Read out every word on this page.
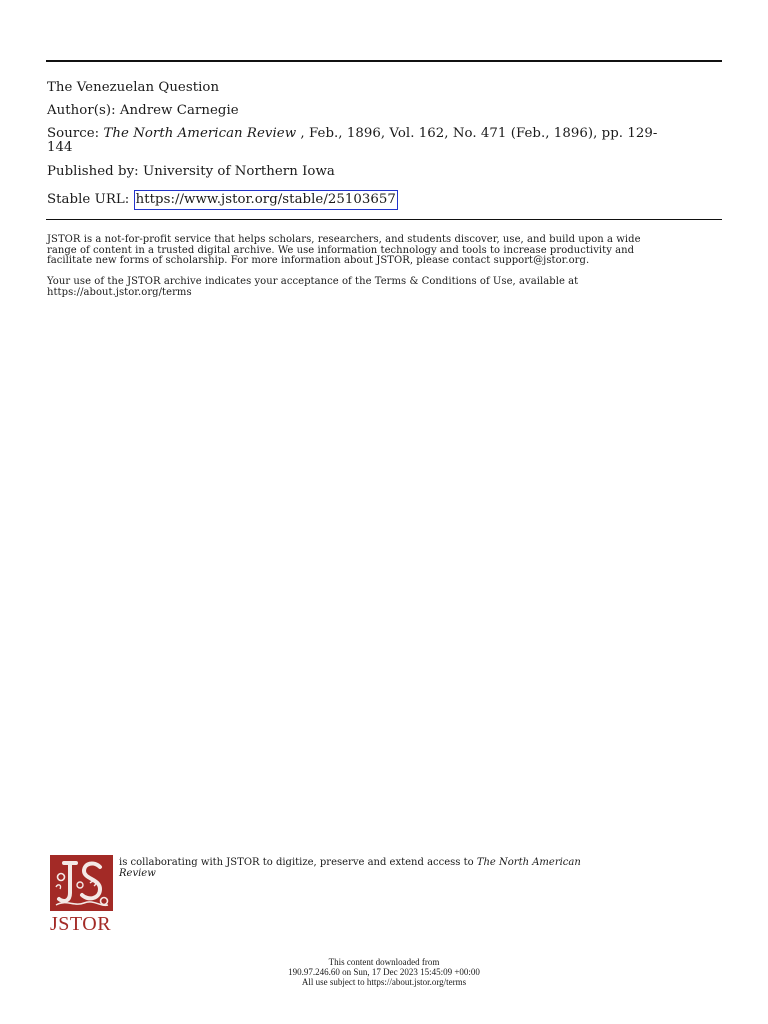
The Venezuelan Question
Author(s): Andrew Carnegie
Source: The North American Review , Feb., 1896, Vol. 162, No. 471 (Feb., 1896), pp. 129-
144
Published by: University of Northern Iowa
Stable URL: https://www.jstor.org/stable/25103657
JSTOR is a not-for-profit service that helps scholars, researchers, and students discover, use, and build upon a wide
range of content in a trusted digital archive. We use information technology and tools to increase productivity and
facilitate new forms of scholarship. For more information about JSTOR, please contact support@jstor.org.
Your use of the JSTOR archive indicates your acceptance of the Terms & Conditions of Use, available at
https://about.jstor.org/terms
JSTOR
is collaborating with JSTOR to digitize, preserve and extend access to The North American
Review
This content downloaded from
190.97.246.60 on Sun, 17 Dec 2023 15:45:09 +00:00
All use subject to https://about.jstor.org/terms
